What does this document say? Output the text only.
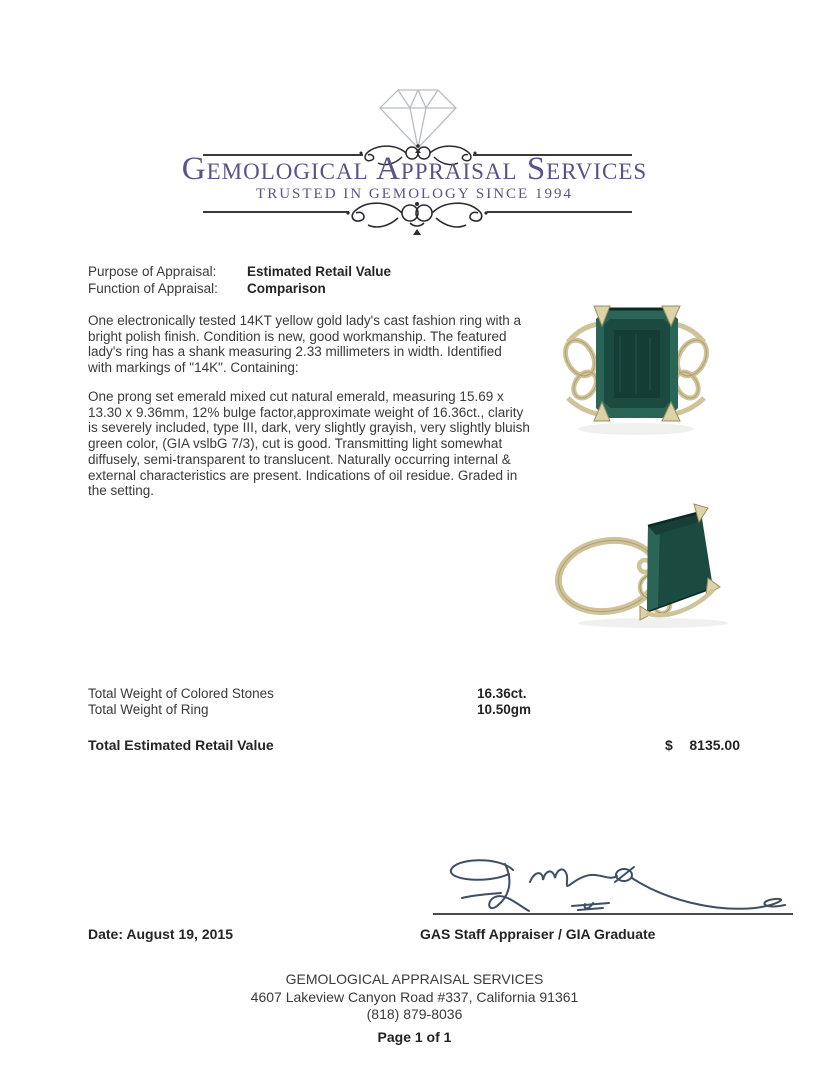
Gemological Appraisal Services
TRUSTED IN GEMOLOGY SINCE 1994
Purpose of Appraisal: Estimated Retail Value
Function of Appraisal: Comparison
One electronically tested 14KT yellow gold lady's cast fashion ring with a bright polish finish. Condition is new, good workmanship. The featured lady's ring has a shank measuring 2.33 millimeters in width. Identified with markings of "14K". Containing:
One prong set emerald mixed cut natural emerald, measuring 15.69 x 13.30 x 9.36mm, 12% bulge factor,approximate weight of 16.36ct., clarity is severely included, type III, dark, very slightly grayish, very slightly bluish green color, (GIA vslbG 7/3), cut is good. Transmitting light somewhat diffusely, semi-transparent to translucent. Naturally occurring internal & external characteristics are present. Indications of oil residue. Graded in the setting.
Total Weight of Colored Stones	16.36ct.
Total Weight of Ring	10.50gm
Total Estimated Retail Value	$	8135.00
Date: August 19, 2015	GAS Staff Appraiser / GIA Graduate
GEMOLOGICAL APPRAISAL SERVICES
4607 Lakeview Canyon Road #337, California 91361
(818) 879-8036
Page 1 of 1
